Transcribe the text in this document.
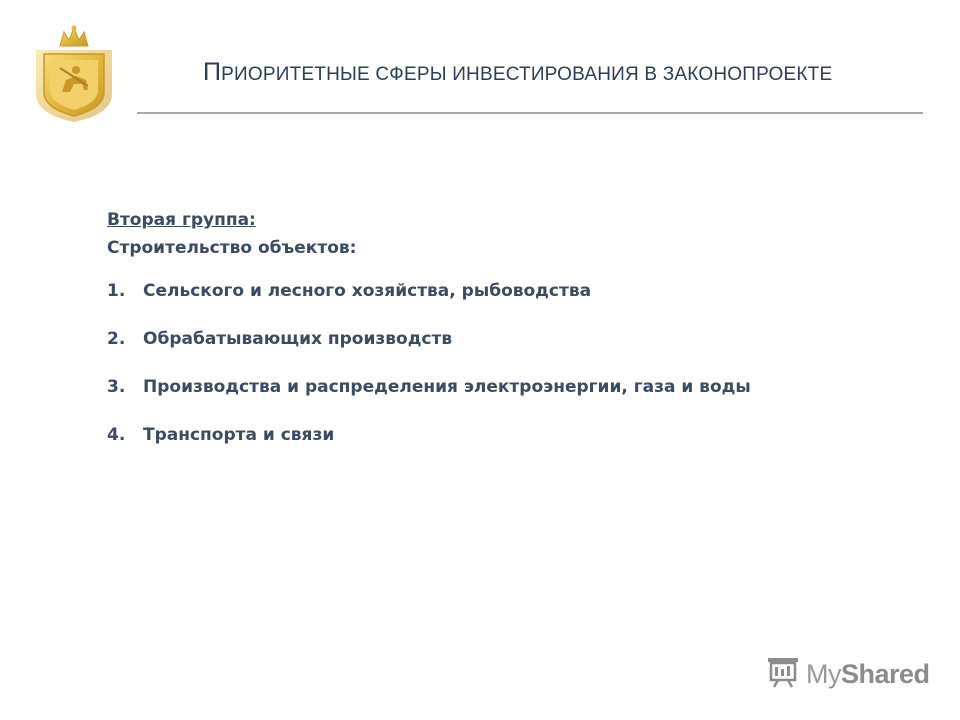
ПРИОРИТЕТНЫЕ СФЕРЫ ИНВЕСТИРОВАНИЯ В ЗАКОНОПРОЕКТЕ
Вторая группа:
Строительство объектов:
1.	Сельского и лесного хозяйства, рыбоводства
2.	Обрабатывающих производств
3.	Производства и распределения электроэнергии, газа и воды
4.	Транспорта и связи
MyShared
